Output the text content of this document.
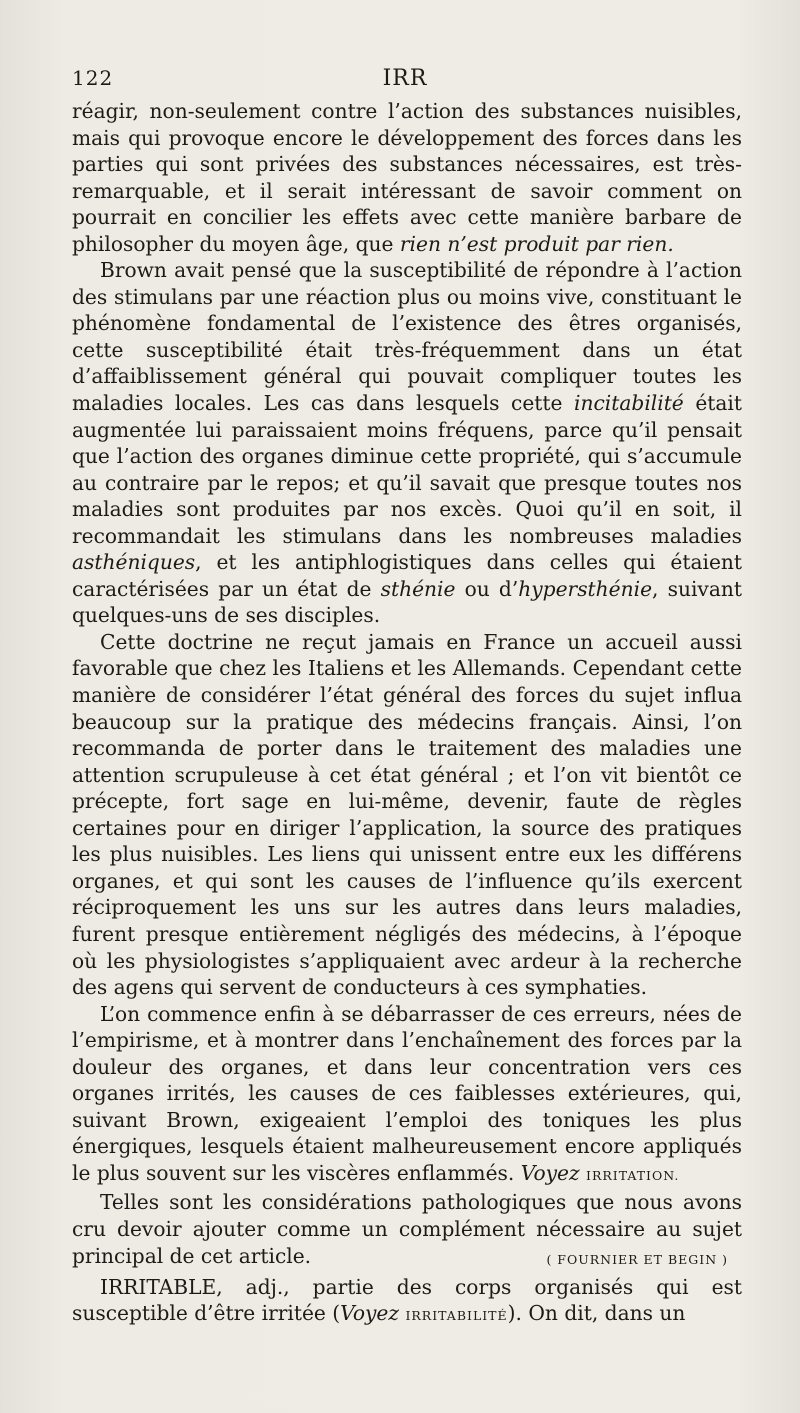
122	IRR

réagir, non-seulement contre l’action des substances nuisibles, mais qui provoque encore le développement des forces dans les parties qui sont privées des substances nécessaires, est très-remarquable, et il serait intéressant de savoir comment on pourrait en concilier les effets avec cette manière barbare de philosopher du moyen âge, que rien n’est produit par rien.

Brown avait pensé que la susceptibilité de répondre à l’action des stimulans par une réaction plus ou moins vive, constituant le phénomène fondamental de l’existence des êtres organisés, cette susceptibilité était très-fréquemment dans un état d’affaiblissement général qui pouvait compliquer toutes les maladies locales. Les cas dans lesquels cette incitabilité était augmentée lui paraissaient moins fréquens, parce qu’il pensait que l’action des organes diminue cette propriété, qui s’accumule au contraire par le repos; et qu’il savait que presque toutes nos maladies sont produites par nos excès. Quoi qu’il en soit, il recommandait les stimulans dans les nombreuses maladies asthéniques, et les antiphlogistiques dans celles qui étaient caractérisées par un état de sthénie ou d’hypersthénie, suivant quelques-uns de ses disciples.

Cette doctrine ne reçut jamais en France un accueil aussi favorable que chez les Italiens et les Allemands. Cependant cette manière de considérer l’état général des forces du sujet influa beaucoup sur la pratique des médecins français. Ainsi, l’on recommanda de porter dans le traitement des maladies une attention scrupuleuse à cet état général ; et l’on vit bientôt ce précepte, fort sage en lui-même, devenir, faute de règles certaines pour en diriger l’application, la source des pratiques les plus nuisibles. Les liens qui unissent entre eux les différens organes, et qui sont les causes de l’influence qu’ils exercent réciproquement les uns sur les autres dans leurs maladies, furent presque entièrement négligés des médecins, à l’époque où les physiologistes s’appliquaient avec ardeur à la recherche des agens qui servent de conducteurs à ces symphaties.

L’on commence enfin à se débarrasser de ces erreurs, nées de l’empirisme, et à montrer dans l’enchaînement des forces par la douleur des organes, et dans leur concentration vers ces organes irrités, les causes de ces faiblesses extérieures, qui, suivant Brown, exigeaient l’emploi des toniques les plus énergiques, lesquels étaient malheureusement encore appliqués le plus souvent sur les viscères enflammés. Voyez IRRITATION.

Telles sont les considérations pathologiques que nous avons cru devoir ajouter comme un complément nécessaire au sujet principal de cet article.	( FOURNIER ET BEGIN )

IRRITABLE, adj., partie des corps organisés qui est susceptible d’être irritée (Voyez IRRITABILITÉ). On dit, dans un
